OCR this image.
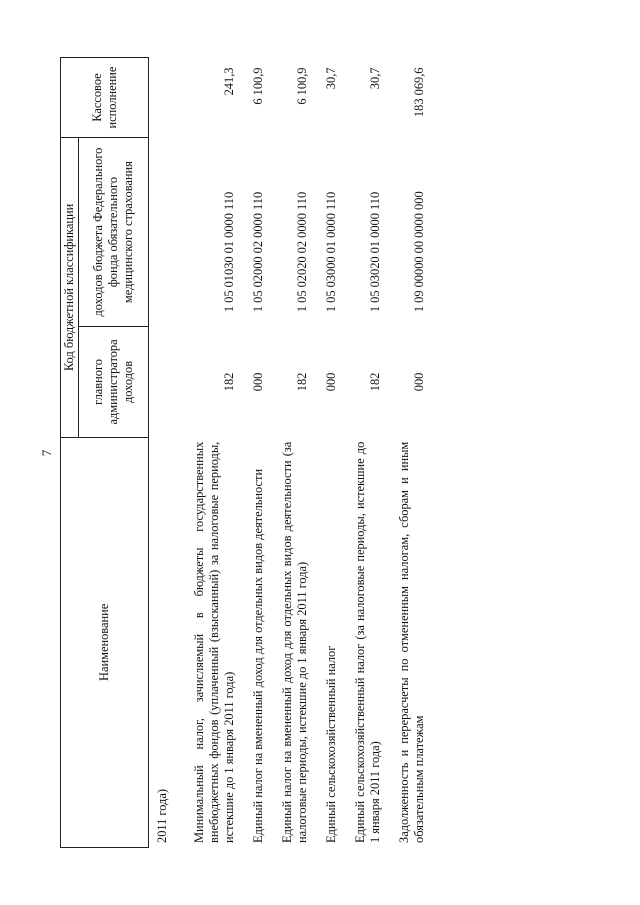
7
Наименование	Код бюджетной классификации		Кассовое исполнение
	главного администратора доходов	доходов бюджета Федерального фонда обязательного медицинского страхования	
2011 года)			
Минимальный налог, зачисляемый в бюджеты государственных внебюджетных фондов (уплаченный (взысканный) за налоговые периоды, истекшие до 1 января 2011 года)	182	1 05 01030 01 0000 110	241,3
Единый налог на вмененный доход для отдельных видов деятельности	000	1 05 02000 02 0000 110	6 100,9
Единый налог на вмененный доход для отдельных видов деятельности (за налоговые периоды, истекшие до 1 января 2011 года)	182	1 05 02020 02 0000 110	6 100,9
Единый сельскохозяйственный налог	000	1 05 03000 01 0000 110	30,7
Единый сельскохозяйственный налог (за налоговые периоды, истекшие до 1 января 2011 года)	182	1 05 03020 01 0000 110	30,7
Задолженность и перерасчеты по отмененным налогам, сборам и иным обязательным платежам	000	1 09 00000 00 0000 000	183 069,6
